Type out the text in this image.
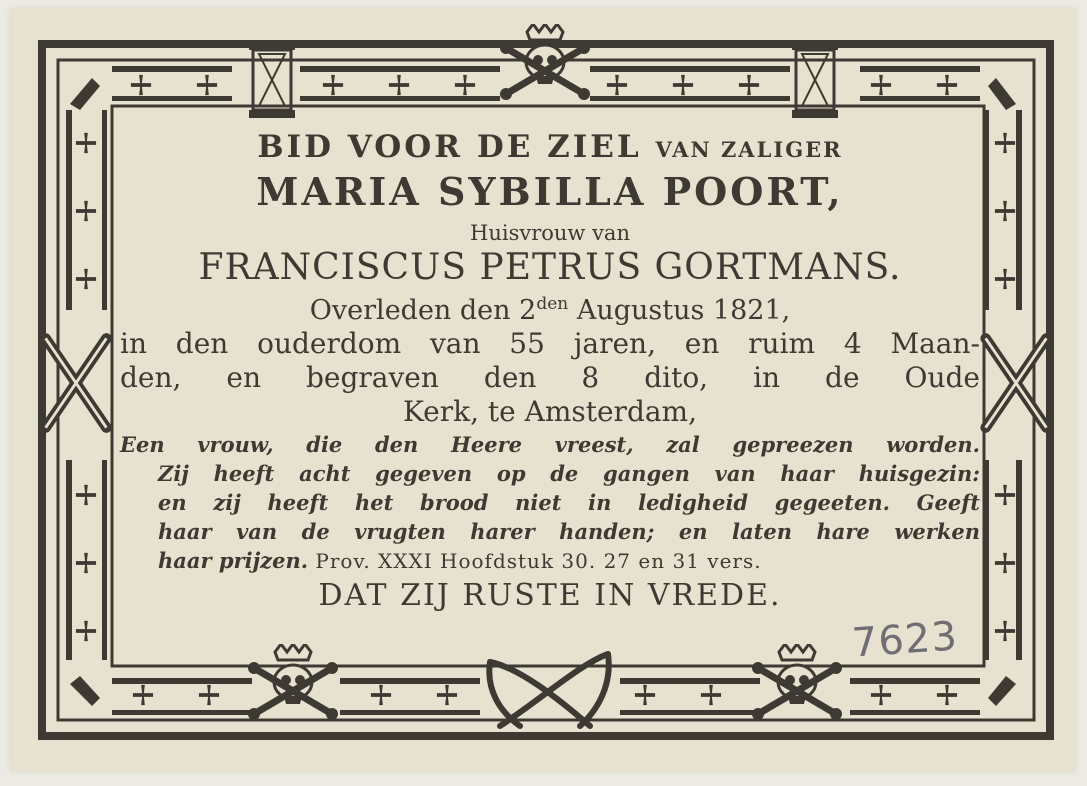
BID VOOR DE ZIEL VAN ZALIGER
MARIA SYBILLA POORT,
Huisvrouw van
FRANCISCUS PETRUS GORTMANS.
Overleden den $2^{den}$ Augustus 1821,
in den ouderdom van 55 jaren, en ruim 4 Maan-
den, en begraven den 8 dito, in de Oude
Kerk, te Amsterdam,
Een vrouw, die den Heere vreest, zal gepreezen worden.
Zij heeft acht gegeven op de gangen van haar huisgezin:
en zij heeft het brood niet in ledigheid gegeeten. Geeft
haar van de vrugten harer handen; en laten hare werken
haar prijzen. Prov. XXXI Hoofdstuk 30. 27 en 31 vers.
DAT ZIJ RUSTE IN VREDE.
7623
